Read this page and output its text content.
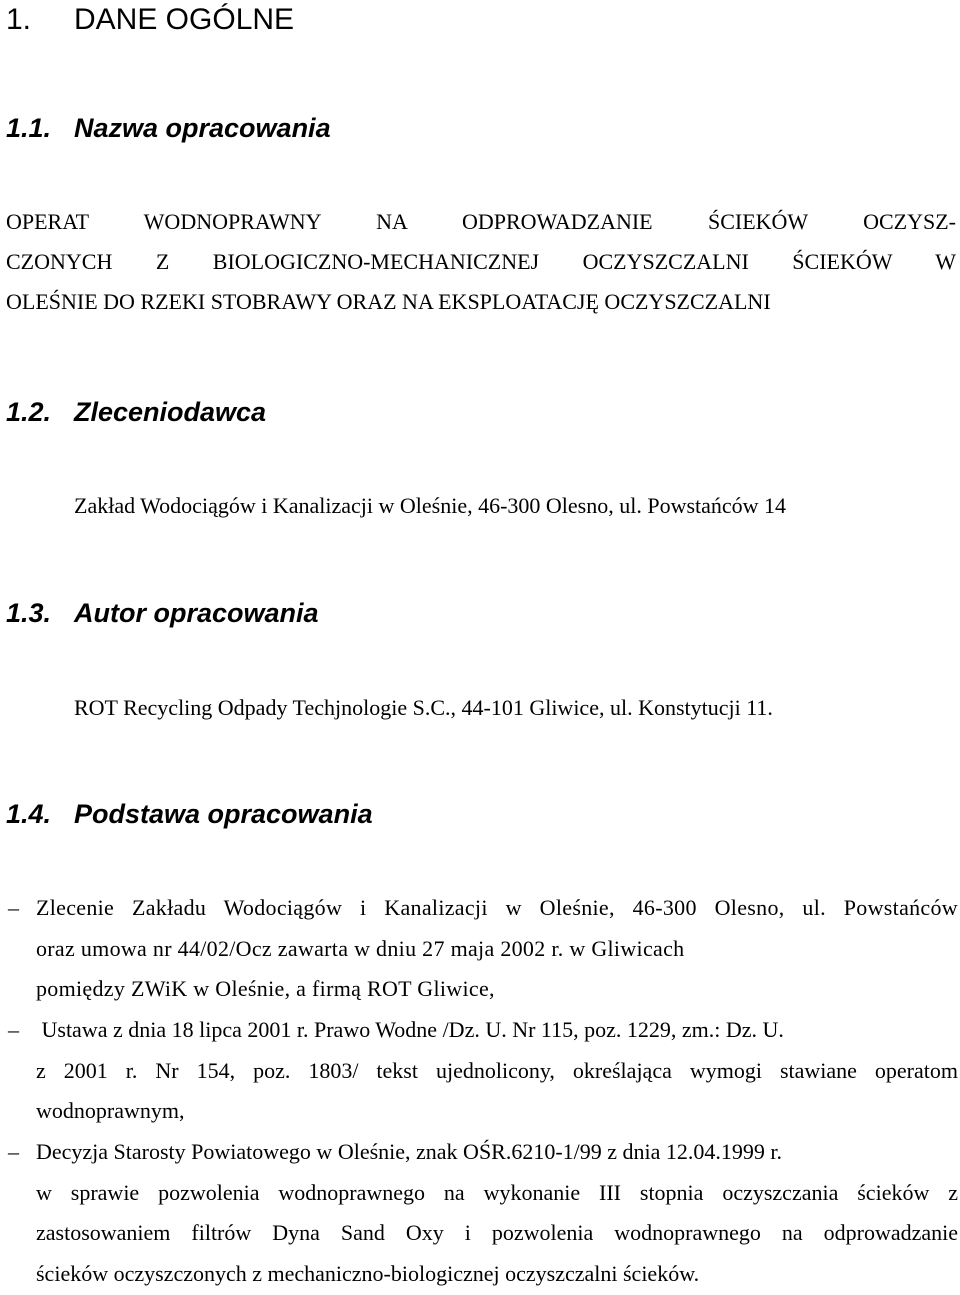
1. DANE OGÓLNE
1.1. Nazwa opracowania
OPERAT WODNOPRAWNY NA ODPROWADZANIE ŚCIEKÓW OCZYSZ-
CZONYCH Z BIOLOGICZNO-MECHANICZNEJ OCZYSZCZALNI ŚCIEKÓW W
OLEŚNIE DO RZEKI STOBRAWY ORAZ NA EKSPLOATACJĘ OCZYSZCZALNI
1.2. Zleceniodawca
Zakład Wodociągów i Kanalizacji w Oleśnie, 46-300 Olesno, ul. Powstańców 14
1.3. Autor opracowania
ROT Recycling Odpady Techjnologie S.C., 44-101 Gliwice, ul. Konstytucji 11.
1.4. Podstawa opracowania
– Zlecenie Zakładu Wodociągów i Kanalizacji w Oleśnie, 46-300 Olesno, ul. Powstańców
oraz umowa nr 44/02/Ocz zawarta w dniu 27 maja 2002 r. w Gliwicach
pomiędzy ZWiK w Oleśnie, a firmą ROT Gliwice,
– Ustawa z dnia 18 lipca 2001 r. Prawo Wodne /Dz. U. Nr 115, poz. 1229, zm.: Dz. U.
z 2001 r. Nr 154, poz. 1803/ tekst ujednolicony, określająca wymogi stawiane operatom
wodnoprawnym,
– Decyzja Starosty Powiatowego w Oleśnie, znak OŚR.6210-1/99 z dnia 12.04.1999 r.
w sprawie pozwolenia wodnoprawnego na wykonanie III stopnia oczyszczania ścieków z
zastosowaniem filtrów Dyna Sand Oxy i pozwolenia wodnoprawnego na odprowadzanie
ścieków oczyszczonych z mechaniczno-biologicznej oczyszczalni ścieków.
